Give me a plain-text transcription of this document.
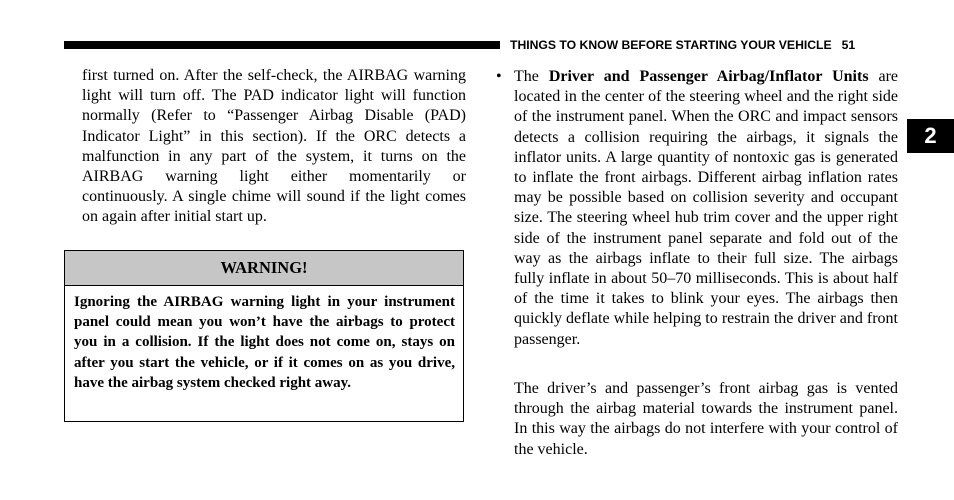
THINGS TO KNOW BEFORE STARTING YOUR VEHICLE 51
2

first turned on. After the self-check, the AIRBAG warning light will turn off. The PAD indicator light will function normally (Refer to “Passenger Airbag Disable (PAD) Indicator Light” in this section). If the ORC detects a malfunction in any part of the system, it turns on the AIRBAG warning light either momentarily or continuously. A single chime will sound if the light comes on again after initial start up.

WARNING!

Ignoring the AIRBAG warning light in your instrument panel could mean you won’t have the airbags to protect you in a collision. If the light does not come on, stays on after you start the vehicle, or if it comes on as you drive, have the airbag system checked right away.

• The Driver and Passenger Airbag/Inflator Units are located in the center of the steering wheel and the right side of the instrument panel. When the ORC and impact sensors detects a collision requiring the airbags, it signals the inflator units. A large quantity of nontoxic gas is generated to inflate the front airbags. Different airbag inflation rates may be possible based on collision severity and occupant size. The steering wheel hub trim cover and the upper right side of the instrument panel separate and fold out of the way as the airbags inflate to their full size. The airbags fully inflate in about 50–70 milliseconds. This is about half of the time it takes to blink your eyes. The airbags then quickly deflate while helping to restrain the driver and front passenger.

The driver’s and passenger’s front airbag gas is vented through the airbag material towards the instrument panel. In this way the airbags do not interfere with your control of the vehicle.
